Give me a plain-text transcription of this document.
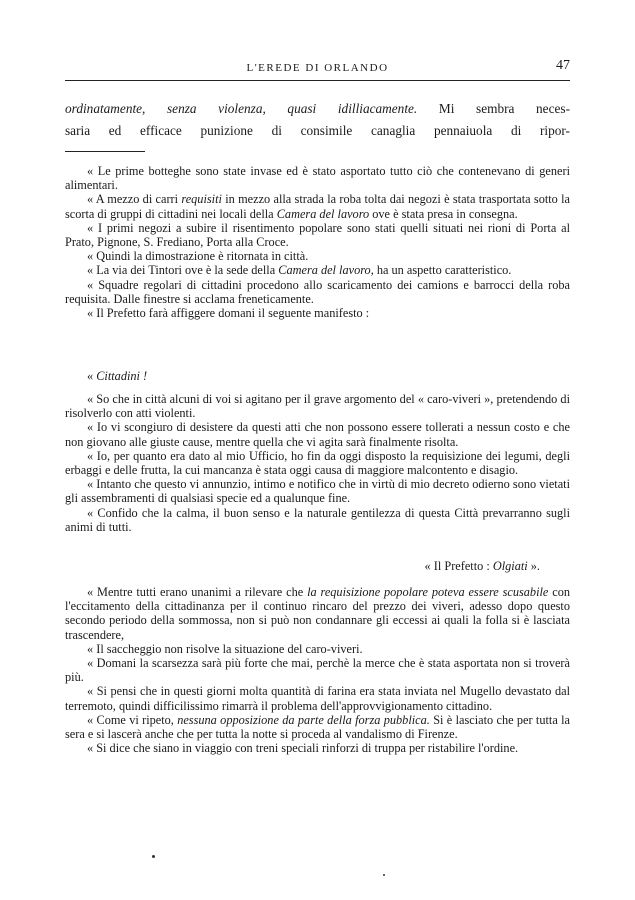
L'EREDE DI ORLANDO	47
ordinatamente, senza violenza, quasi idilliacamente. Mi sembra neces-
saria ed efficace punizione di consimile canaglia pennaiuola di ripor-

« Le prime botteghe sono state invase ed è stato asportato tutto ciò che contenevano di generi alimentari.

« A mezzo di carri requisiti in mezzo alla strada la roba tolta dai negozi è stata trasportata sotto la scorta di gruppi di cittadini nei locali della Camera del lavoro ove è stata presa in consegna.

« I primi negozi a subire il risentimento popolare sono stati quelli situati nei rioni di Porta al Prato, Pignone, S. Frediano, Porta alla Croce.

« Quindi la dimostrazione è ritornata in città.

« La via dei Tintori ove è la sede della Camera del lavoro, ha un aspetto caratteristico.

« Squadre regolari di cittadini procedono allo scaricamento dei camions e barrocci della roba requisita. Dalle finestre si acclama freneticamente.

« Il Prefetto farà affiggere domani il seguente manifesto :

« Cittadini !

« So che in città alcuni di voi si agitano per il grave argomento del « caro-viveri », pretendendo di risolverlo con atti violenti.

« Io vi scongiuro di desistere da questi atti che non possono essere tollerati a nessun costo e che non giovano alle giuste cause, mentre quella che vi agita sarà finalmente risolta.

« Io, per quanto era dato al mio Ufficio, ho fin da oggi disposto la requisizione dei legumi, degli erbaggi e delle frutta, la cui mancanza è stata oggi causa di maggiore malcontento e disagio.

« Intanto che questo vi annunzio, intimo e notifico che in virtù di mio decreto odierno sono vietati gli assembramenti di qualsiasi specie ed a qualunque fine.

« Confido che la calma, il buon senso e la naturale gentilezza di questa Città prevarranno sugli animi di tutti.

« Il Prefetto : Olgiati ».

« Mentre tutti erano unanimi a rilevare che la requisizione popolare poteva essere scusabile con l'eccitamento della cittadinanza per il continuo rincaro del prezzo dei viveri, adesso dopo questo secondo periodo della sommossa, non si può non condannare gli eccessi ai quali la folla si è lasciata trascendere,

« Il saccheggio non risolve la situazione del caro-viveri.

« Domani la scarsezza sarà più forte che mai, perchè la merce che è stata asportata non si troverà più.

« Si pensi che in questi giorni molta quantità di farina era stata inviata nel Mugello devastato dal terremoto, quindi difficilissimo rimarrà il problema dell'approvvigionamento cittadino.

« Come vi ripeto, nessuna opposizione da parte della forza pubblica. Si è lasciato che per tutta la sera e si lascerà anche che per tutta la notte si proceda al vandalismo di Firenze.

« Si dice che siano in viaggio con treni speciali rinforzi di truppa per ristabilire l'ordine.
